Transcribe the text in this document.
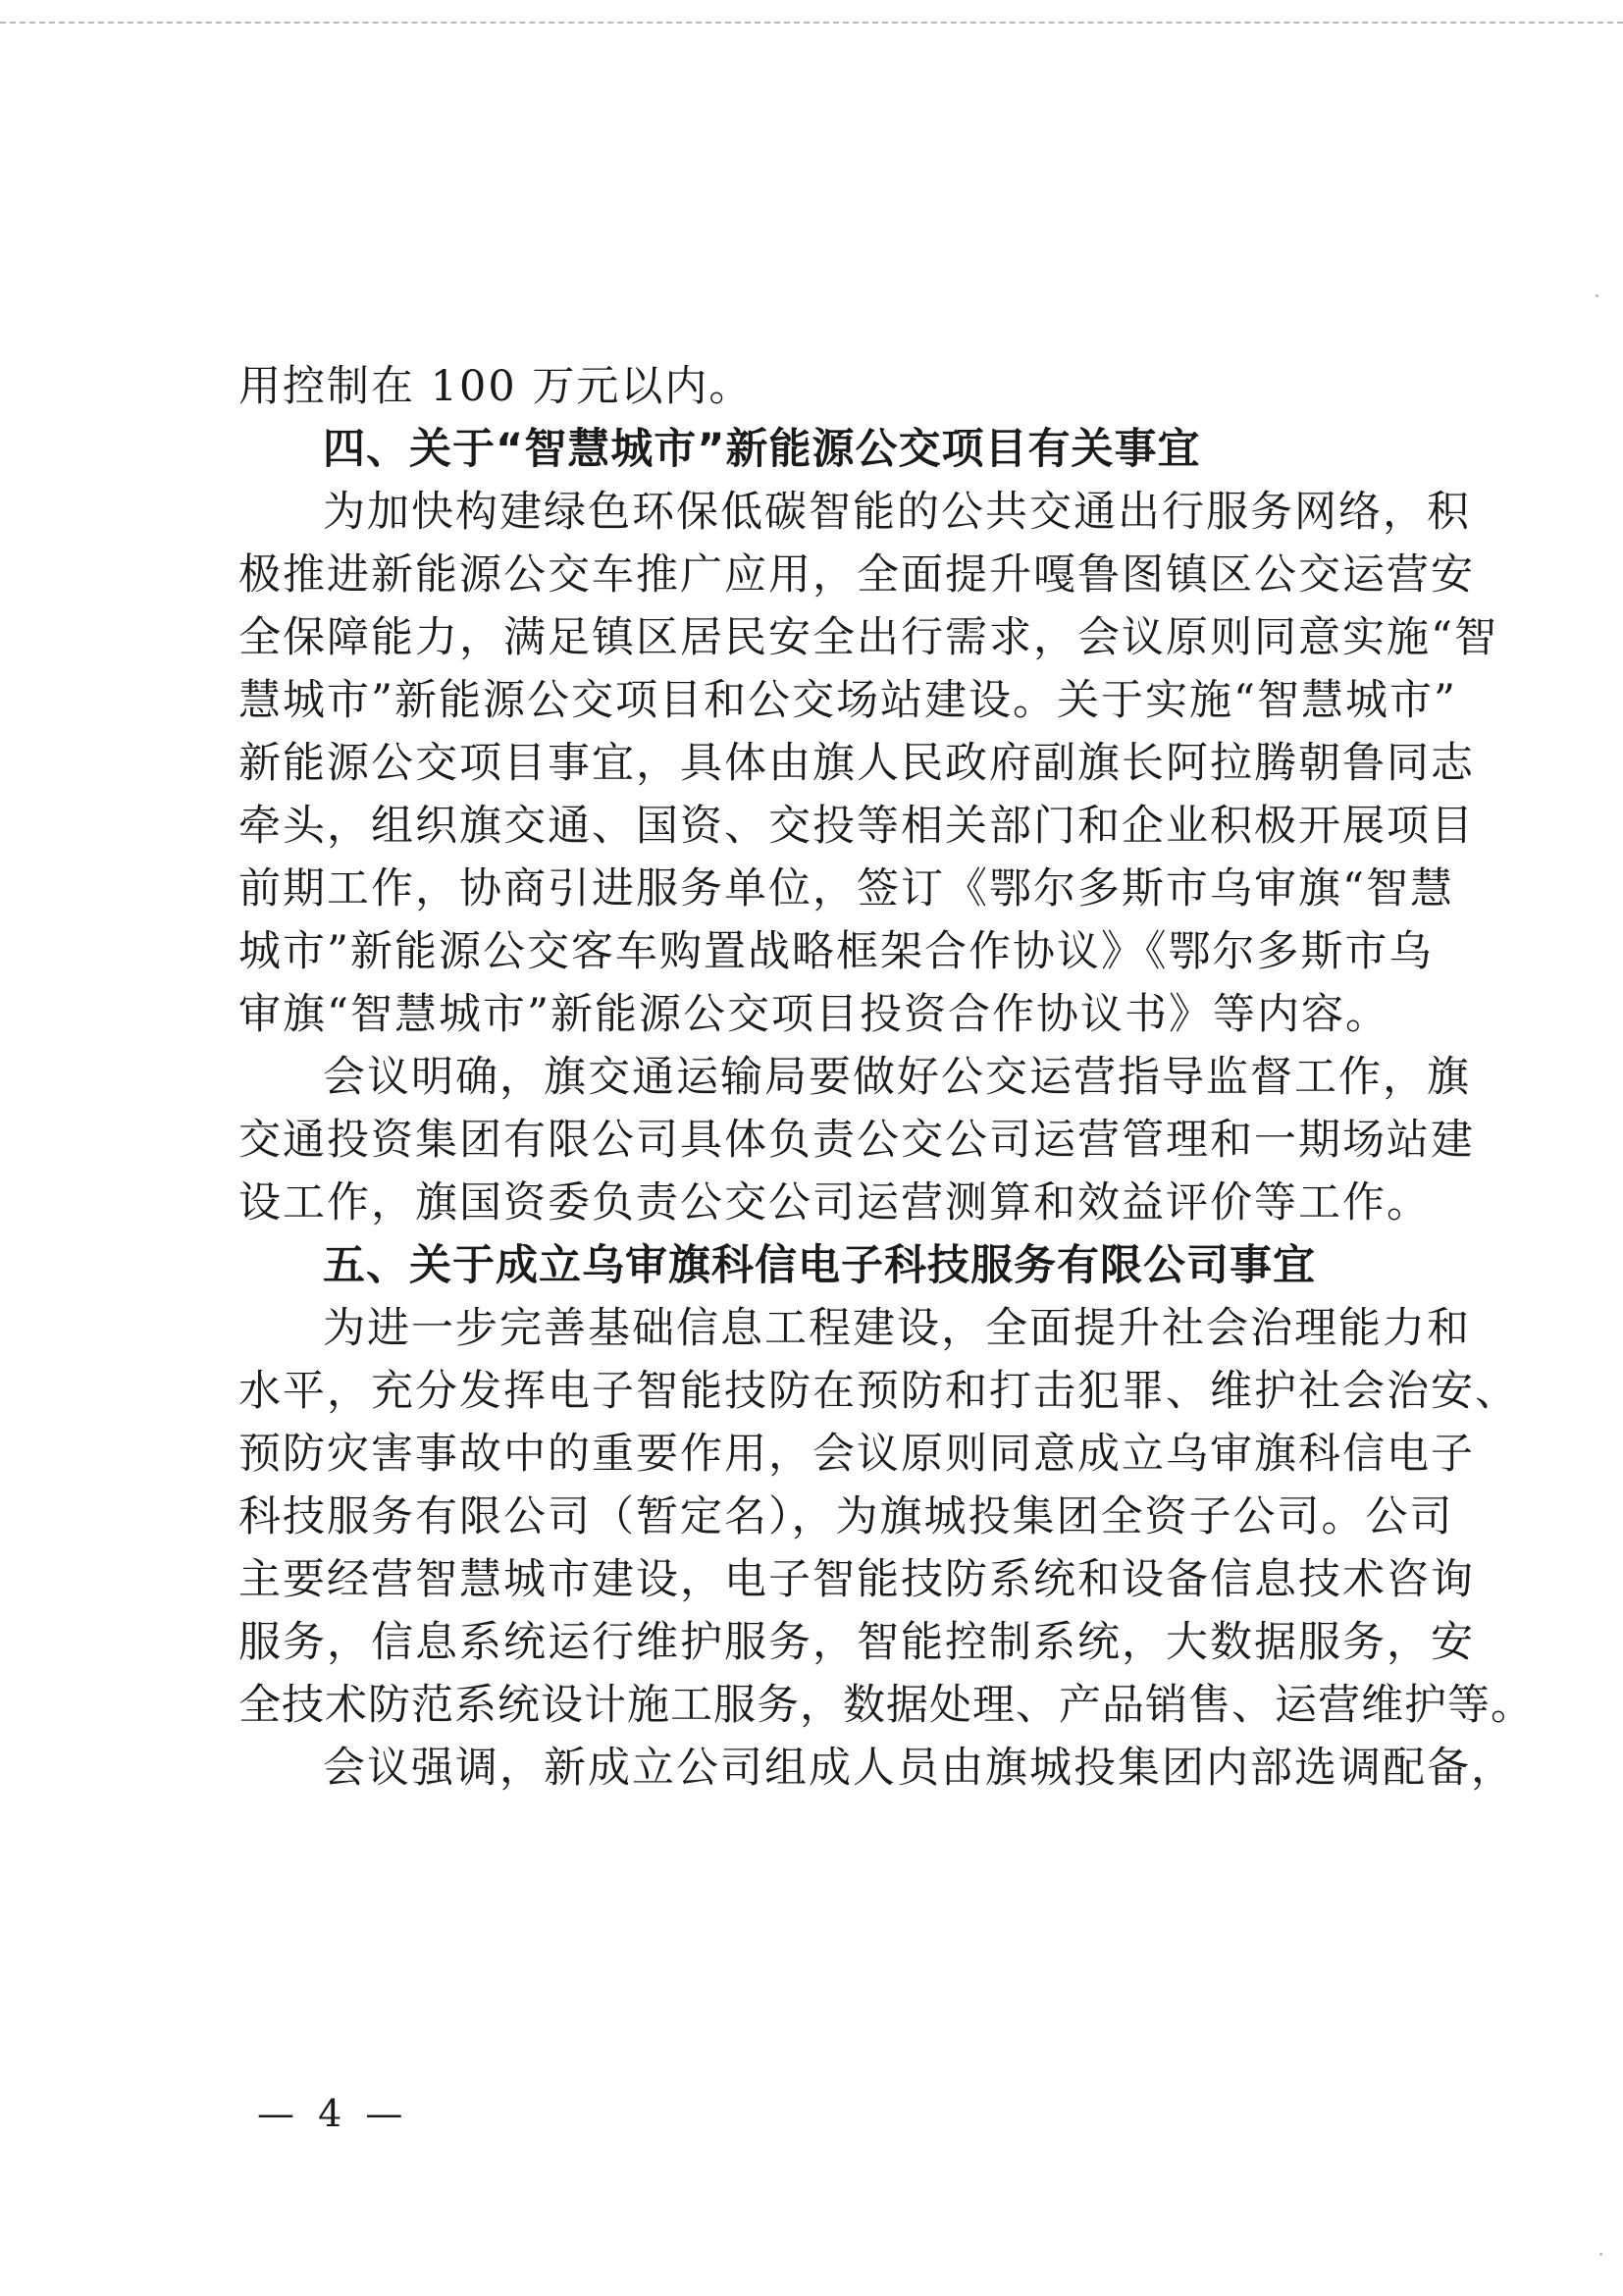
用控制在 100 万元以内。
四、关于“智慧城市”新能源公交项目有关事宜
为加快构建绿色环保低碳智能的公共交通出行服务网络，积
极推进新能源公交车推广应用，全面提升嘎鲁图镇区公交运营安
全保障能力，满足镇区居民安全出行需求，会议原则同意实施“智
慧城市”新能源公交项目和公交场站建设。关于实施“智慧城市”
新能源公交项目事宜，具体由旗人民政府副旗长阿拉腾朝鲁同志
牵头，组织旗交通、国资、交投等相关部门和企业积极开展项目
前期工作，协商引进服务单位，签订《鄂尔多斯市乌审旗“智慧
城市”新能源公交客车购置战略框架合作协议》《鄂尔多斯市乌
审旗“智慧城市”新能源公交项目投资合作协议书》等内容。
会议明确，旗交通运输局要做好公交运营指导监督工作，旗
交通投资集团有限公司具体负责公交公司运营管理和一期场站建
设工作，旗国资委负责公交公司运营测算和效益评价等工作。
五、关于成立乌审旗科信电子科技服务有限公司事宜
为进一步完善基础信息工程建设，全面提升社会治理能力和
水平，充分发挥电子智能技防在预防和打击犯罪、维护社会治安、
预防灾害事故中的重要作用，会议原则同意成立乌审旗科信电子
科技服务有限公司（暂定名），为旗城投集团全资子公司。公司
主要经营智慧城市建设，电子智能技防系统和设备信息技术咨询
服务，信息系统运行维护服务，智能控制系统，大数据服务，安
全技术防范系统设计施工服务，数据处理、产品销售、运营维护等。
会议强调，新成立公司组成人员由旗城投集团内部选调配备，
— 4 —
